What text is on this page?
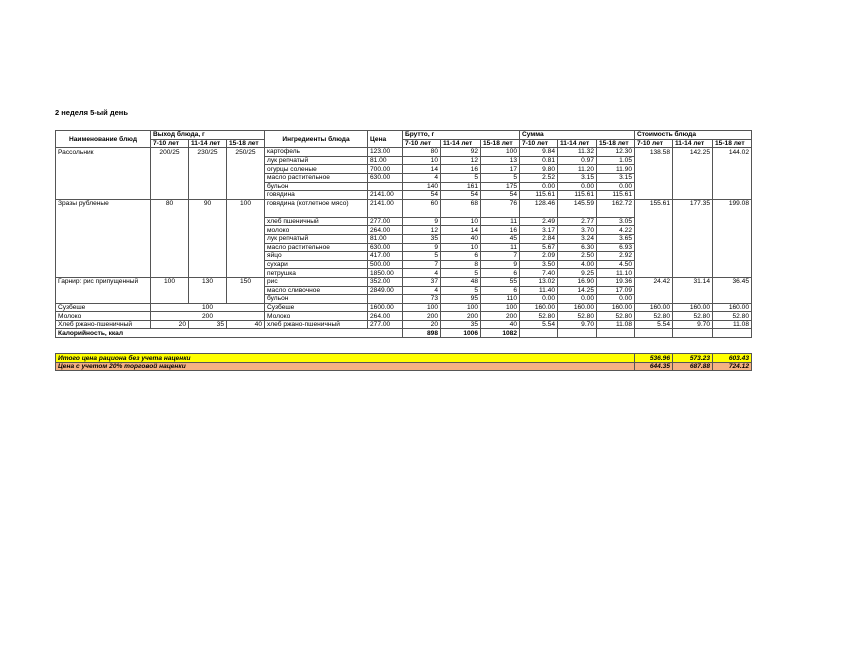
2 неделя 5-ый день
Наименование блюд	Выход блюда, г			Ингредиенты блюда	Цена	Брутто, г			Сумма			Стоимость блюда		
	7-10 лет	11-14 лет	15-18 лет			7-10 лет	11-14 лет	15-18 лет	7-10 лет	11-14 лет	15-18 лет	7-10 лет	11-14 лет	15-18 лет
Рассольник	200/25	230/25	250/25	картофель	123.00	80	92	100	9.84	11.32	12.30	138.58	142.25	144.02
				лук репчатый	81.00	10	12	13	0.81	0.97	1.05			
				огурцы соленые	700.00	14	16	17	9.80	11.20	11.90			
				масло растительное	630.00	4	5	5	2.52	3.15	3.15			
				бульон		140	161	175	0.00	0.00	0.00			
				говядина	2141.00	54	54	54	115.61	115.61	115.61			
Зразы рубленые	80	90	100	говядина (котлетное мясо)	2141.00	60	68	76	128.46	145.59	162.72	155.61	177.35	199.08
				хлеб пшеничный	277.00	9	10	11	2.49	2.77	3.05			
				молоко	264.00	12	14	16	3.17	3.70	4.22			
				лук репчатый	81.00	35	40	45	2.84	3.24	3.65			
				масло растительное	630.00	9	10	11	5.67	6.30	6.93			
				яйцо	417.00	5	6	7	2.09	2.50	2.92			
				сухари	500.00	7	8	9	3.50	4.00	4.50			
				петрушка	1850.00	4	5	6	7.40	9.25	11.10			
Гарнир: рис припущенный	100	130	150	рис	352.00	37	48	55	13.02	16.90	19.36	24.42	31.14	36.45
				масло сливочное	2849.00	4	5	6	11.40	14.25	17.09			
				бульон		73	95	110	0.00	0.00	0.00			
Сузбеше	100			Сузбеше	1600.00	100	100	100	160.00	160.00	160.00	160.00	160.00	160.00
Молоко	200			Молоко	264.00	200	200	200	52.80	52.80	52.80	52.80	52.80	52.80
Хлеб ржано-пшеничный	20	35	40	хлеб ржано-пшеничный	277.00	20	35	40	5.54	9.70	11.08	5.54	9.70	11.08
Калорийность, ккал						898	1006	1082						

Итого цена рациона без учета наценки												536.96	573.23	603.43
Цена с учетом 20% торговой наценки												644.35	687.88	724.12
